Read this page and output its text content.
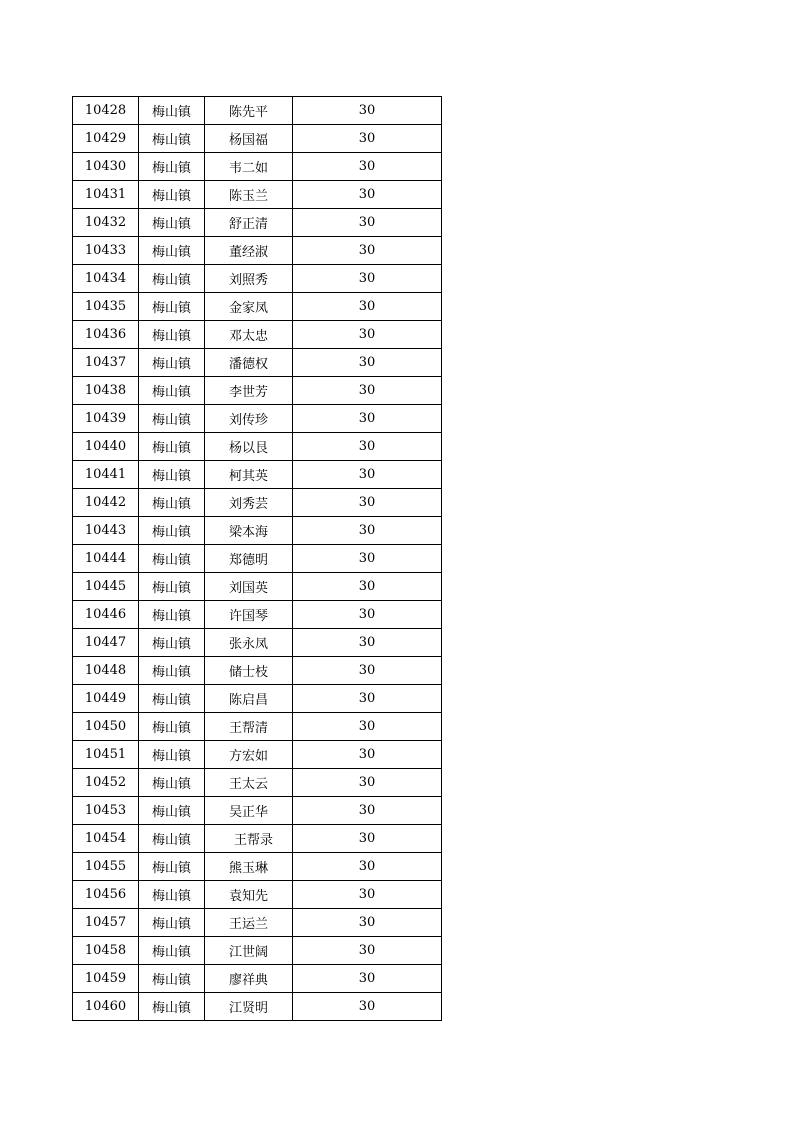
10428	梅山镇	陈先平	30
10429	梅山镇	杨国福	30
10430	梅山镇	韦二如	30
10431	梅山镇	陈玉兰	30
10432	梅山镇	舒正清	30
10433	梅山镇	董经淑	30
10434	梅山镇	刘照秀	30
10435	梅山镇	金家凤	30
10436	梅山镇	邓太忠	30
10437	梅山镇	潘德权	30
10438	梅山镇	李世芳	30
10439	梅山镇	刘传珍	30
10440	梅山镇	杨以艮	30
10441	梅山镇	柯其英	30
10442	梅山镇	刘秀芸	30
10443	梅山镇	梁本海	30
10444	梅山镇	郑德明	30
10445	梅山镇	刘国英	30
10446	梅山镇	许国琴	30
10447	梅山镇	张永凤	30
10448	梅山镇	储士枝	30
10449	梅山镇	陈启昌	30
10450	梅山镇	王帮清	30
10451	梅山镇	方宏如	30
10452	梅山镇	王太云	30
10453	梅山镇	吴正华	30
10454	梅山镇	王帮录	30
10455	梅山镇	熊玉琳	30
10456	梅山镇	袁知先	30
10457	梅山镇	王运兰	30
10458	梅山镇	江世阔	30
10459	梅山镇	廖祥典	30
10460	梅山镇	江贤明	30
